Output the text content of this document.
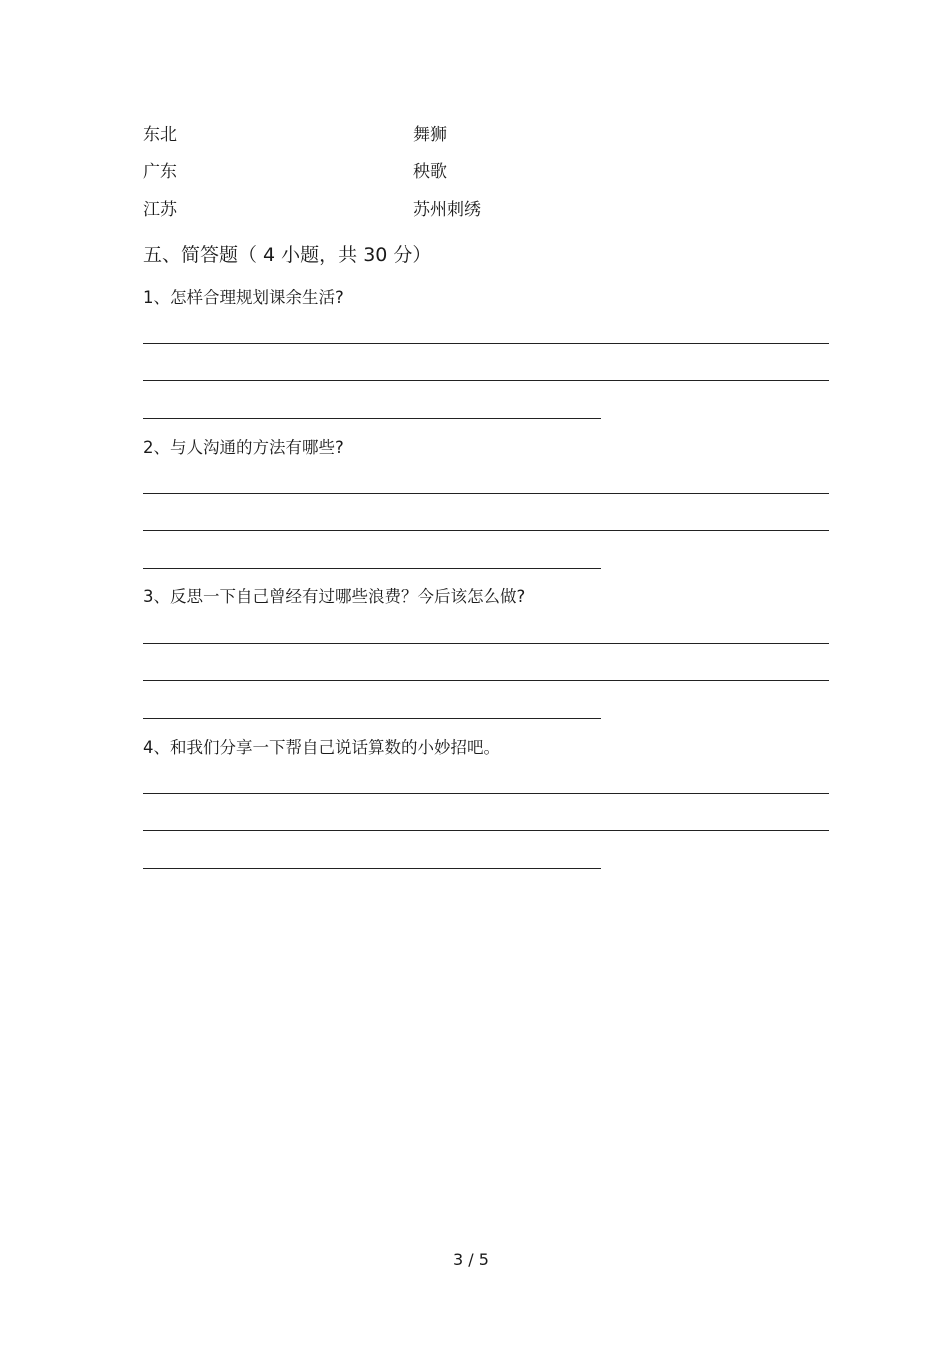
东北	舞狮
广东	秧歌
江苏	苏州刺绣
五、简答题（ 4 小题，共 30 分）
1、怎样合理规划课余生活?
2、与人沟通的方法有哪些?
3、反思一下自己曾经有过哪些浪费？今后该怎么做?
4、和我们分享一下帮自己说话算数的小妙招吧。
3 / 5
